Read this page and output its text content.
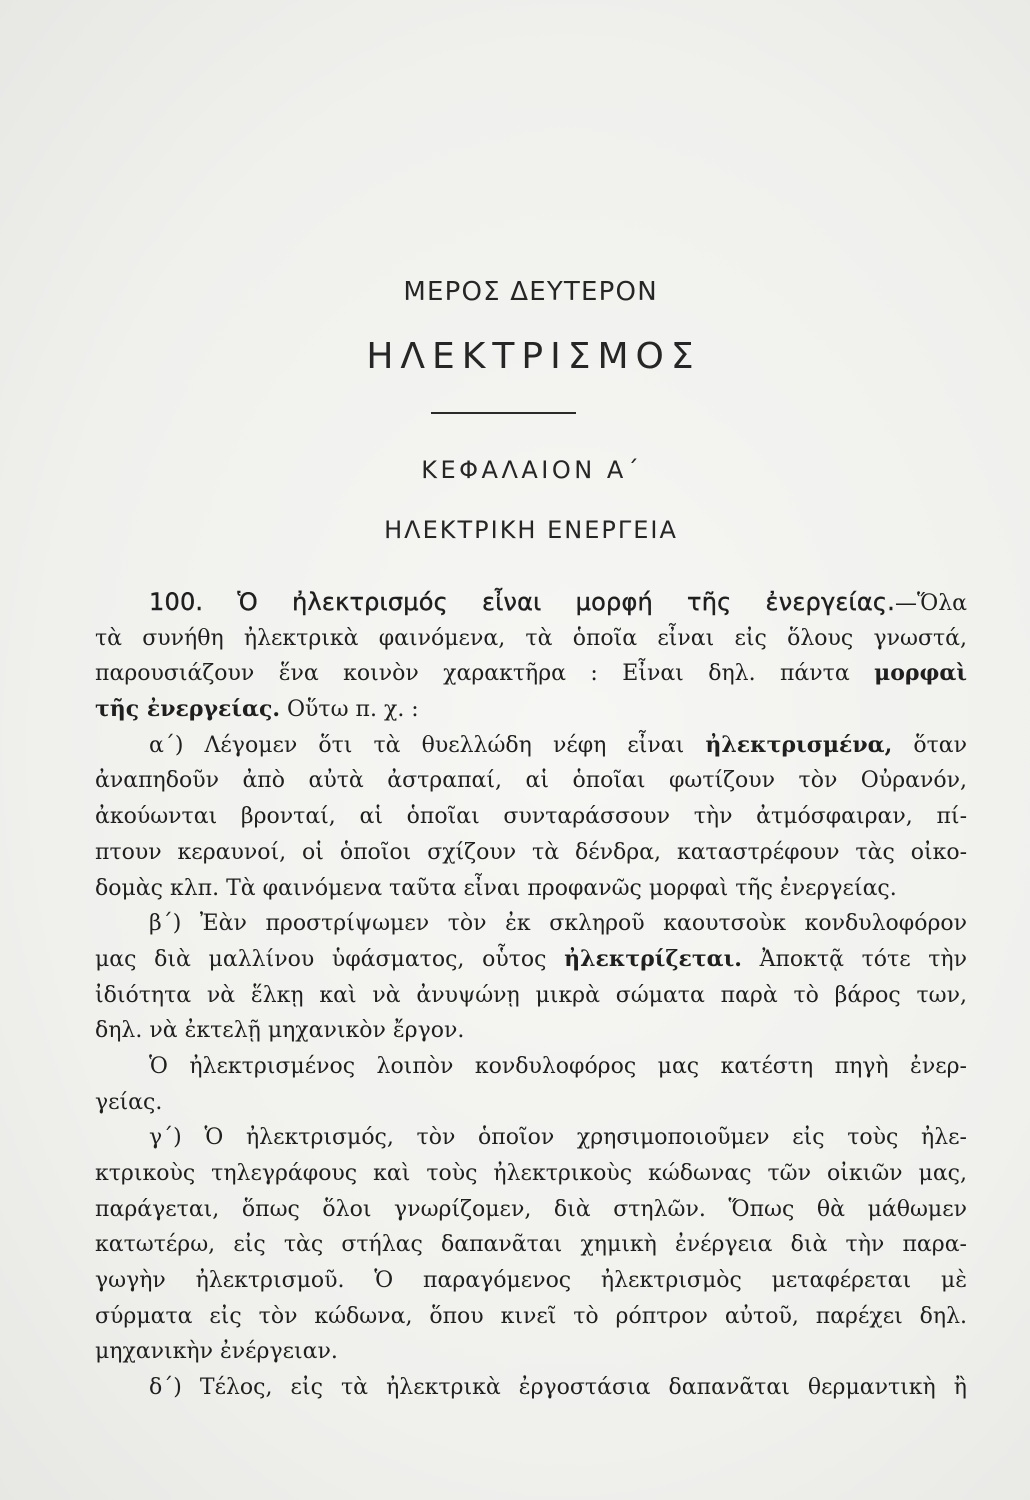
ΜΕΡΟΣ ΔΕΥΤΕΡΟΝ
ΗΛΕΚΤΡΙΣΜΟΣ
ΚΕΦΑΛΑΙΟΝ Α΄
ΗΛΕΚΤΡΙΚΗ ΕΝΕΡΓΕΙΑ
100. Ὁ ἠλεκτρισμός εἶναι μορφή τῆς ἐνεργείας.—Ὅλα
τὰ συνήθη ἠλεκτρικὰ φαινόμενα, τὰ ὁποῖα εἶναι εἰς ὅλους γνωστά,
παρουσιάζουν ἕνα κοινὸν χαρακτῆρα : Εἶναι δηλ. πάντα μορφαὶ
τῆς ἐνεργείας. Οὕτω π. χ. :
α΄) Λέγομεν ὅτι τὰ θυελλώδη νέφη εἶναι ἠλεκτρισμένα, ὅταν
ἀναπηδοῦν ἀπὸ αὐτὰ ἀστραπαί, αἱ ὁποῖαι φωτίζουν τὸν Οὐρανόν,
ἀκούωνται βρονταί, αἱ ὁποῖαι συνταράσσουν τὴν ἀτμόσφαιραν, πί-
πτουν κεραυνοί, οἱ ὁποῖοι σχίζουν τὰ δένδρα, καταστρέφουν τὰς οἰκο-
δομὰς κλπ. Τὰ φαινόμενα ταῦτα εἶναι προφανῶς μορφαὶ τῆς ἐνεργείας.
β΄) Ἐὰν προστρίψωμεν τὸν ἐκ σκληροῦ καουτσοὺκ κονδυλοφόρον
μας διὰ μαλλίνου ὑφάσματος, οὗτος ἠλεκτρίζεται. Ἀποκτᾷ τότε τὴν
ἰδιότητα νὰ ἕλκῃ καὶ νὰ ἀνυψώνῃ μικρὰ σώματα παρὰ τὸ βάρος των,
δηλ. νὰ ἐκτελῇ μηχανικὸν ἔργον.
Ὁ ἠλεκτρισμένος λοιπὸν κονδυλοφόρος μας κατέστη πηγὴ ἐνερ-
γείας.
γ΄) Ὁ ἠλεκτρισμός, τὸν ὁποῖον χρησιμοποιοῦμεν εἰς τοὺς ἠλε-
κτρικοὺς τηλεγράφους καὶ τοὺς ἠλεκτρικοὺς κώδωνας τῶν οἰκιῶν μας,
παράγεται, ὅπως ὅλοι γνωρίζομεν, διὰ στηλῶν. Ὅπως θὰ μάθωμεν
κατωτέρω, εἰς τὰς στήλας δαπανᾶται χημικὴ ἐνέργεια διὰ τὴν παρα-
γωγὴν ἠλεκτρισμοῦ. Ὁ παραγόμενος ἠλεκτρισμὸς μεταφέρεται μὲ
σύρματα εἰς τὸν κώδωνα, ὅπου κινεῖ τὸ ρόπτρον αὐτοῦ, παρέχει δηλ.
μηχανικὴν ἐνέργειαν.
δ΄) Τέλος, εἰς τὰ ἠλεκτρικὰ ἐργοστάσια δαπανᾶται θερμαντικὴ ἢ
